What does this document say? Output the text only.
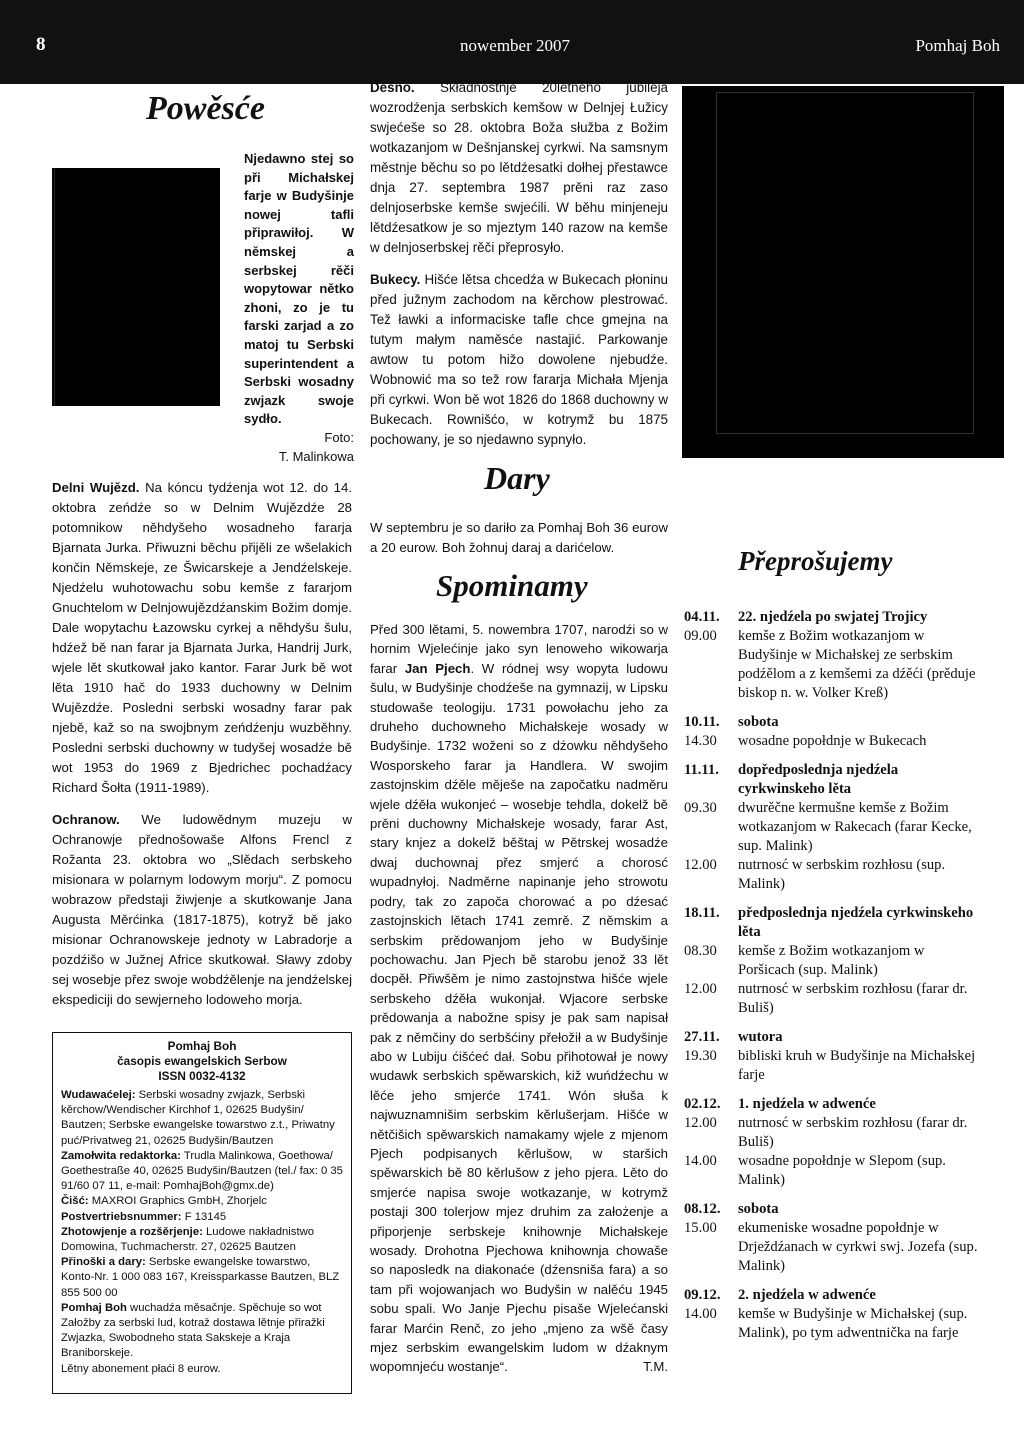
8	nowember 2007	Pomhaj Boh
Powěsće
Njedawno stej so při Michałskej farje w Budyšinje nowej tafli připrawiłoj. W němskej a serbskej rěči wopytowar nětko zhoni, zo je tu farski zarjad a zo matoj tu Serbski superintendent a Serbski wosadny zwjazk swoje sydło.
Foto:
T. Malinkowa

Delni Wujězd. Na kóncu tydźenja wot 12. do 14. oktobra zeńdźe so w Delnim Wujězdźe 28 potomnikow něhdyšeho wosadneho fararja Bjarnata Jurka. Přiwuzni běchu přijěli ze wšelakich končin Němskeje, ze Šwicarskeje a Jendźelskeje. Njedźelu wuhotowachu sobu kemše z fararjom Gnuchtelom w Delnjowujězdźanskim Božim domje. Dale wopytachu Łazowsku cyrkej a něhdyšu šulu, hdźež bě nan farar ja Bjarnata Jurka, Handrij Jurk, wjele lět skutkował jako kantor. Farar Jurk bě wot lěta 1910 hač do 1933 duchowny w Delnim Wujězdźe. Posledni serbski wosadny farar pak njebě, kaž so na swojbnym zeńdźenju wuzběhny. Posledni serbski duchowny w tudyšej wosadźe bě wot 1953 do 1969 z Bjedrichec pochadźacy Richard Šołta (1911-1989).

Ochranow. We ludowědnym muzeju w Ochranowje přednošowaše Alfons Frencl z Rožanta 23. oktobra wo „Slědach serbskeho misionara w polarnym lodowym morju“. Z pomocu wobrazow předstaji žiwjenje a skutkowanje Jana Augusta Měrćinka (1817-1875), kotryž bě jako misionar Ochranowskeje jednoty w Labradorje a pozdźišo w Južnej Africe skutkował. Sławy zdoby sej wosebje přez swoje wobdźělenje na jendźelskej ekspediciji do sewjerneho lodoweho morja.

Pomhaj Boh
časopis ewangelskich Serbow
ISSN 0032-4132

Wudawaćelej: Serbski wosadny zwjazk, Serbski kěrchow/Wendischer Kirchhof 1, 02625 Budyšin/ Bautzen; Serbske ewangelske towarstwo z.t., Priwatny puć/Privatweg 21, 02625 Budyšin/Bautzen

Zamołwita redaktorka: Trudla Malinkowa, Goethowa/ Goethestraße 40, 02625 Budyšin/Bautzen (tel./ fax: 0 35 91/60 07 11, e-mail: PomhajBoh@gmx.de)

Čišć: MAXROI Graphics GmbH, Zhorjelc

Postvertriebsnummer: F 13145

Zhotowjenje a rozšěrjenje: Ludowe nakładnistwo Domowina, Tuchmacherstr. 27, 02625 Bautzen

Přinoški a dary: Serbske ewangelske towarstwo, Konto-Nr. 1 000 083 167, Kreissparkasse Bautzen, BLZ 855 500 00

Pomhaj Boh wuchadźa měsačnje. Spěchuje so wot Załožby za serbski lud, kotraž dostawa lětnje přiražki Zwjazka, Swobodneho stata Sakskeje a Kraja Braniborskeje.

Lětny abonement płaći 8 eurow.

Dešno. Składnostnje 20lětneho jubileja wozrodźenja serbskich kemšow w Delnjej Łužicy swjećeše so 28. oktobra Boža słužba z Božim wotkazanjom w Dešnjanskej cyrkwi. Na samsnym městnje běchu so po lětdźesatki dołhej přestawce dnja 27. septembra 1987 prěni raz zaso delnjoserbske kemše swjećili. W běhu minjeneju lětdźesatkow je so mjeztym 140 razow na kemše w delnjoserbskej rěči přeprosyło.

Bukecy. Hišće lětsa chcedźa w Bukecach płoninu před južnym zachodom na kěrchow plestrować. Tež ławki a informaciske tafle chce gmejna na tutym małym naměsće nastajić. Parkowanje awtow tu potom hižo dowolene njebudźe. Wobnowić ma so tež row fararja Michała Mjenja při cyrkwi. Won bě wot 1826 do 1868 duchowny w Bukecach. Rownišćo, w kotrymž bu 1875 pochowany, je so njedawno sypnyło.

Dary
W septembru je so dariło za Pomhaj Boh 36 eurow a 20 eurow. Boh žohnuj daraj a darićelow.
Spominamy

Před 300 lětami, 5. nowembra 1707, narodźi so w hornim Wjelećinje jako syn lenoweho wikowarja farar Jan Pjech. W ródnej wsy wopyta ludowu šulu, w Budyšinje chodźeše na gymnazij, w Lipsku studowaše teologiju. 1731 powołachu jeho za druheho duchowneho Michałskeje wosady w Budyšinje. 1732 woženi so z dźowku něhdyšeho Wosporskeho farar ja Handlera. W swojim zastojnskim dźěle měješe na započatku nadměru wjele dźěła wukonjeć – wosebje tehdla, dokelž bě prěni duchowny Michałskeje wosady, farar Ast, stary knjez a dokelž běštaj w Pětrskej wosadźe dwaj duchownaj přez smjerć a chorosć wupadnyłoj. Nadměrne napinanje jeho strowotu podry, tak zo započa chorować a po dźesać zastojnskich lětach 1741 zemrě. Z němskim a serbskim prědowanjom jeho w Budyšinje pochowachu. Jan Pjech bě starobu jenož 33 lět docpěł. Přiwšěm je nimo zastojnstwa hišće wjele serbskeho dźěła wukonjał. Wjacore serbske prědowanja a nabožne spisy je pak sam napisał pak z němčiny do serbšćiny přełožił a w Budyšinje abo w Lubiju ćišćeć dał. Sobu přihotował je nowy wudawk serbskich spěwarskich, kiž wuńdźechu w lěće jeho smjerće 1741. Wón słuša k najwuznamnišim serbskim kěrlušerjam. Hišće w nětčišich spěwarskich namakamy wjele z mjenom Pjech podpisanych kěrlušow, w staršich spěwarskich bě 80 kěrlušow z jeho pjera. Lěto do smjerće napisa swoje wotkazanje, w kotrymž postaji 300 tolerjow mjez druhim za założenje a připorjenje serbskeje knihownje Michałskeje wosady. Drohotna Pjechowa knihownja chowaše so naposledk na diakonaće (dźensniša fara) a so tam při wojowanjach wo Budyšin w nalěću 1945 sobu spali. Wo Janje Pjechu pisaše Wjelećanski farar Marćin Renč, zo jeho „mjeno za wšě časy mjez serbskim ewangelskim ludom w dźaknym wopomnjeću wostanje“.	T.M.

Přeprošujemy
04.11.	22. njedźela po swjatej Trojicy
09.00	kemše z Božim wotkazanjom w Budyšinje w Michałskej ze serbskim podźělom a z kemšemi za dźěći (prěduje biskop n. w. Volker Kreß)
10.11.	sobota
14.30	wosadne popołdnje w Bukecach
11.11.	dopředposlednja njedźela cyrkwinskeho lěta
09.30	dwurěčne kermušne kemše z Božim wotkazanjom w Rakecach (farar Kecke, sup. Malink)
12.00	nutrnosć w serbskim rozhłosu (sup. Malink)
18.11.	předposlednja njedźela cyrkwinskeho lěta
08.30	kemše z Božim wotkazanjom w Poršicach (sup. Malink)
12.00	nutrnosć w serbskim rozhłosu (farar dr. Buliš)
27.11.	wutora
19.30	bibliski kruh w Budyšinje na Michałskej farje
02.12.	1. njedźela w adwenće
12.00	nutrnosć w serbskim rozhłosu (farar dr. Buliš)
14.00	wosadne popołdnje w Slepom (sup. Malink)
08.12.	sobota
15.00	ekumeniske wosadne popołdnje w Drježdźanach w cyrkwi swj. Jozefa (sup. Malink)
09.12.	2. njedźela w adwenće
14.00	kemše w Budyšinje w Michałskej (sup. Malink), po tym adwentnička na farje
